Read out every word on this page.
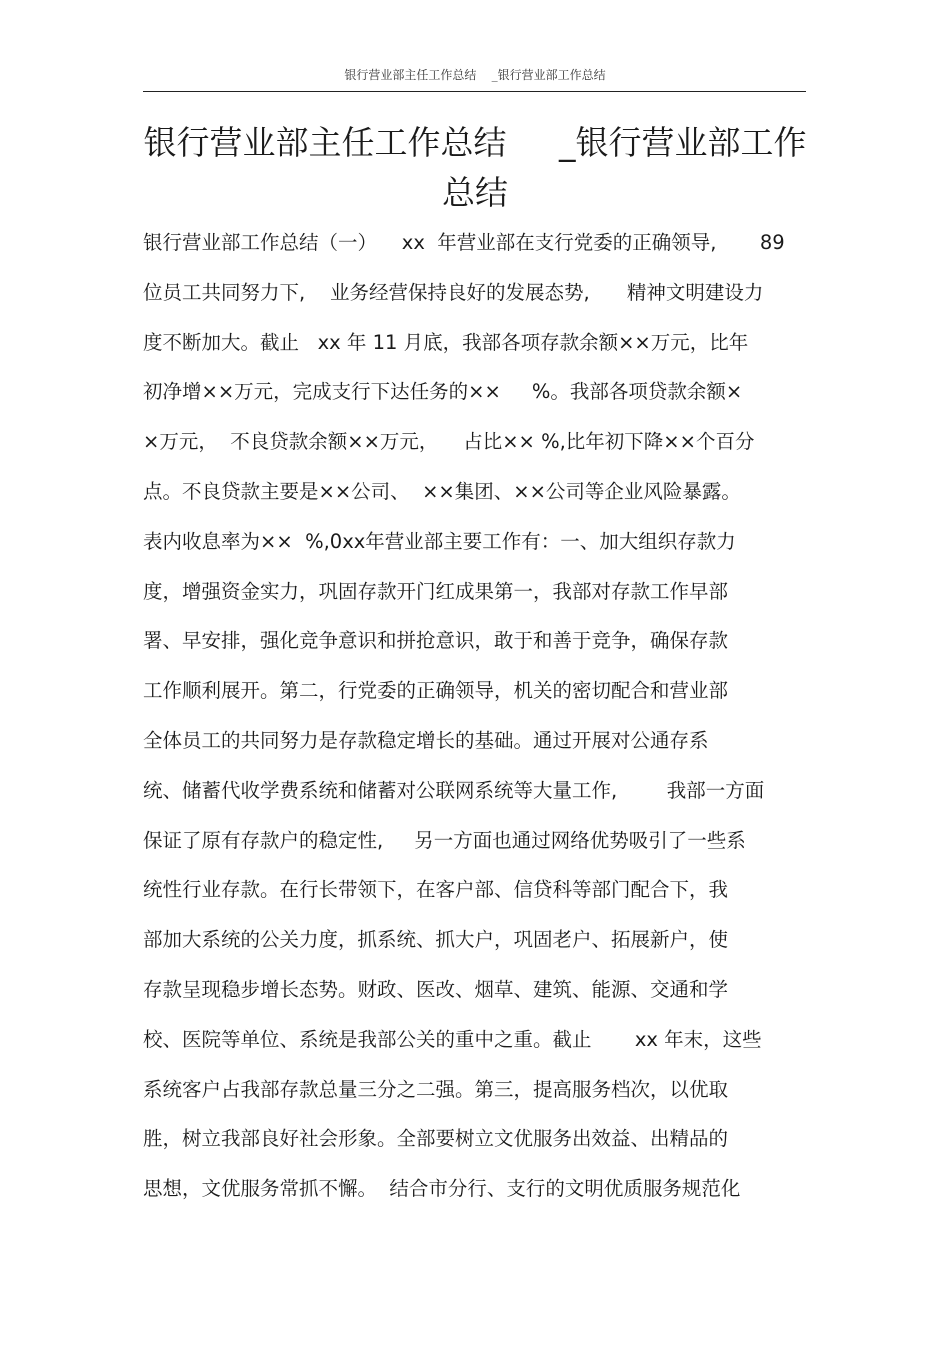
银行营业部主任工作总结    _银行营业部工作总结
银行营业部主任工作总结     _银行营业部工作
总结
银行营业部工作总结（一）    xx  年营业部在支行党委的正确领导,       89
位员工共同努力下,    业务经营保持良好的发展态势,      精神文明建设力
度不断加大。截止   xx 年 11 月底，我部各项存款余额××万元，比年
初净增××万元，完成支行下达任务的××     %。我部各项贷款余额×
×万元，  不良贷款余额××万元，    占比×× %,比年初下降××个百分
点。不良贷款主要是××公司、  ××集团、××公司等企业风险暴露。
表内收息率为××  %,0xx年营业部主要工作有：一、加大组织存款力
度，增强资金实力，巩固存款开门红成果第一，我部对存款工作早部
署、早安排，强化竞争意识和拼抢意识，敢于和善于竞争，确保存款
工作顺利展开。第二，行党委的正确领导，机关的密切配合和营业部
全体员工的共同努力是存款稳定增长的基础。通过开展对公通存系
统、储蓄代收学费系统和储蓄对公联网系统等大量工作,        我部一方面
保证了原有存款户的稳定性,     另一方面也通过网络优势吸引了一些系
统性行业存款。在行长带领下，在客户部、信贷科等部门配合下，我
部加大系统的公关力度，抓系统、抓大户，巩固老户、拓展新户，使
存款呈现稳步增长态势。财政、医改、烟草、建筑、能源、交通和学
校、医院等单位、系统是我部公关的重中之重。截止       xx 年末，这些
系统客户占我部存款总量三分之二强。第三，提高服务档次，以优取
胜，树立我部良好社会形象。全部要树立文优服务出效益、出精品的
思想，文优服务常抓不懈。  结合市分行、支行的文明优质服务规范化
